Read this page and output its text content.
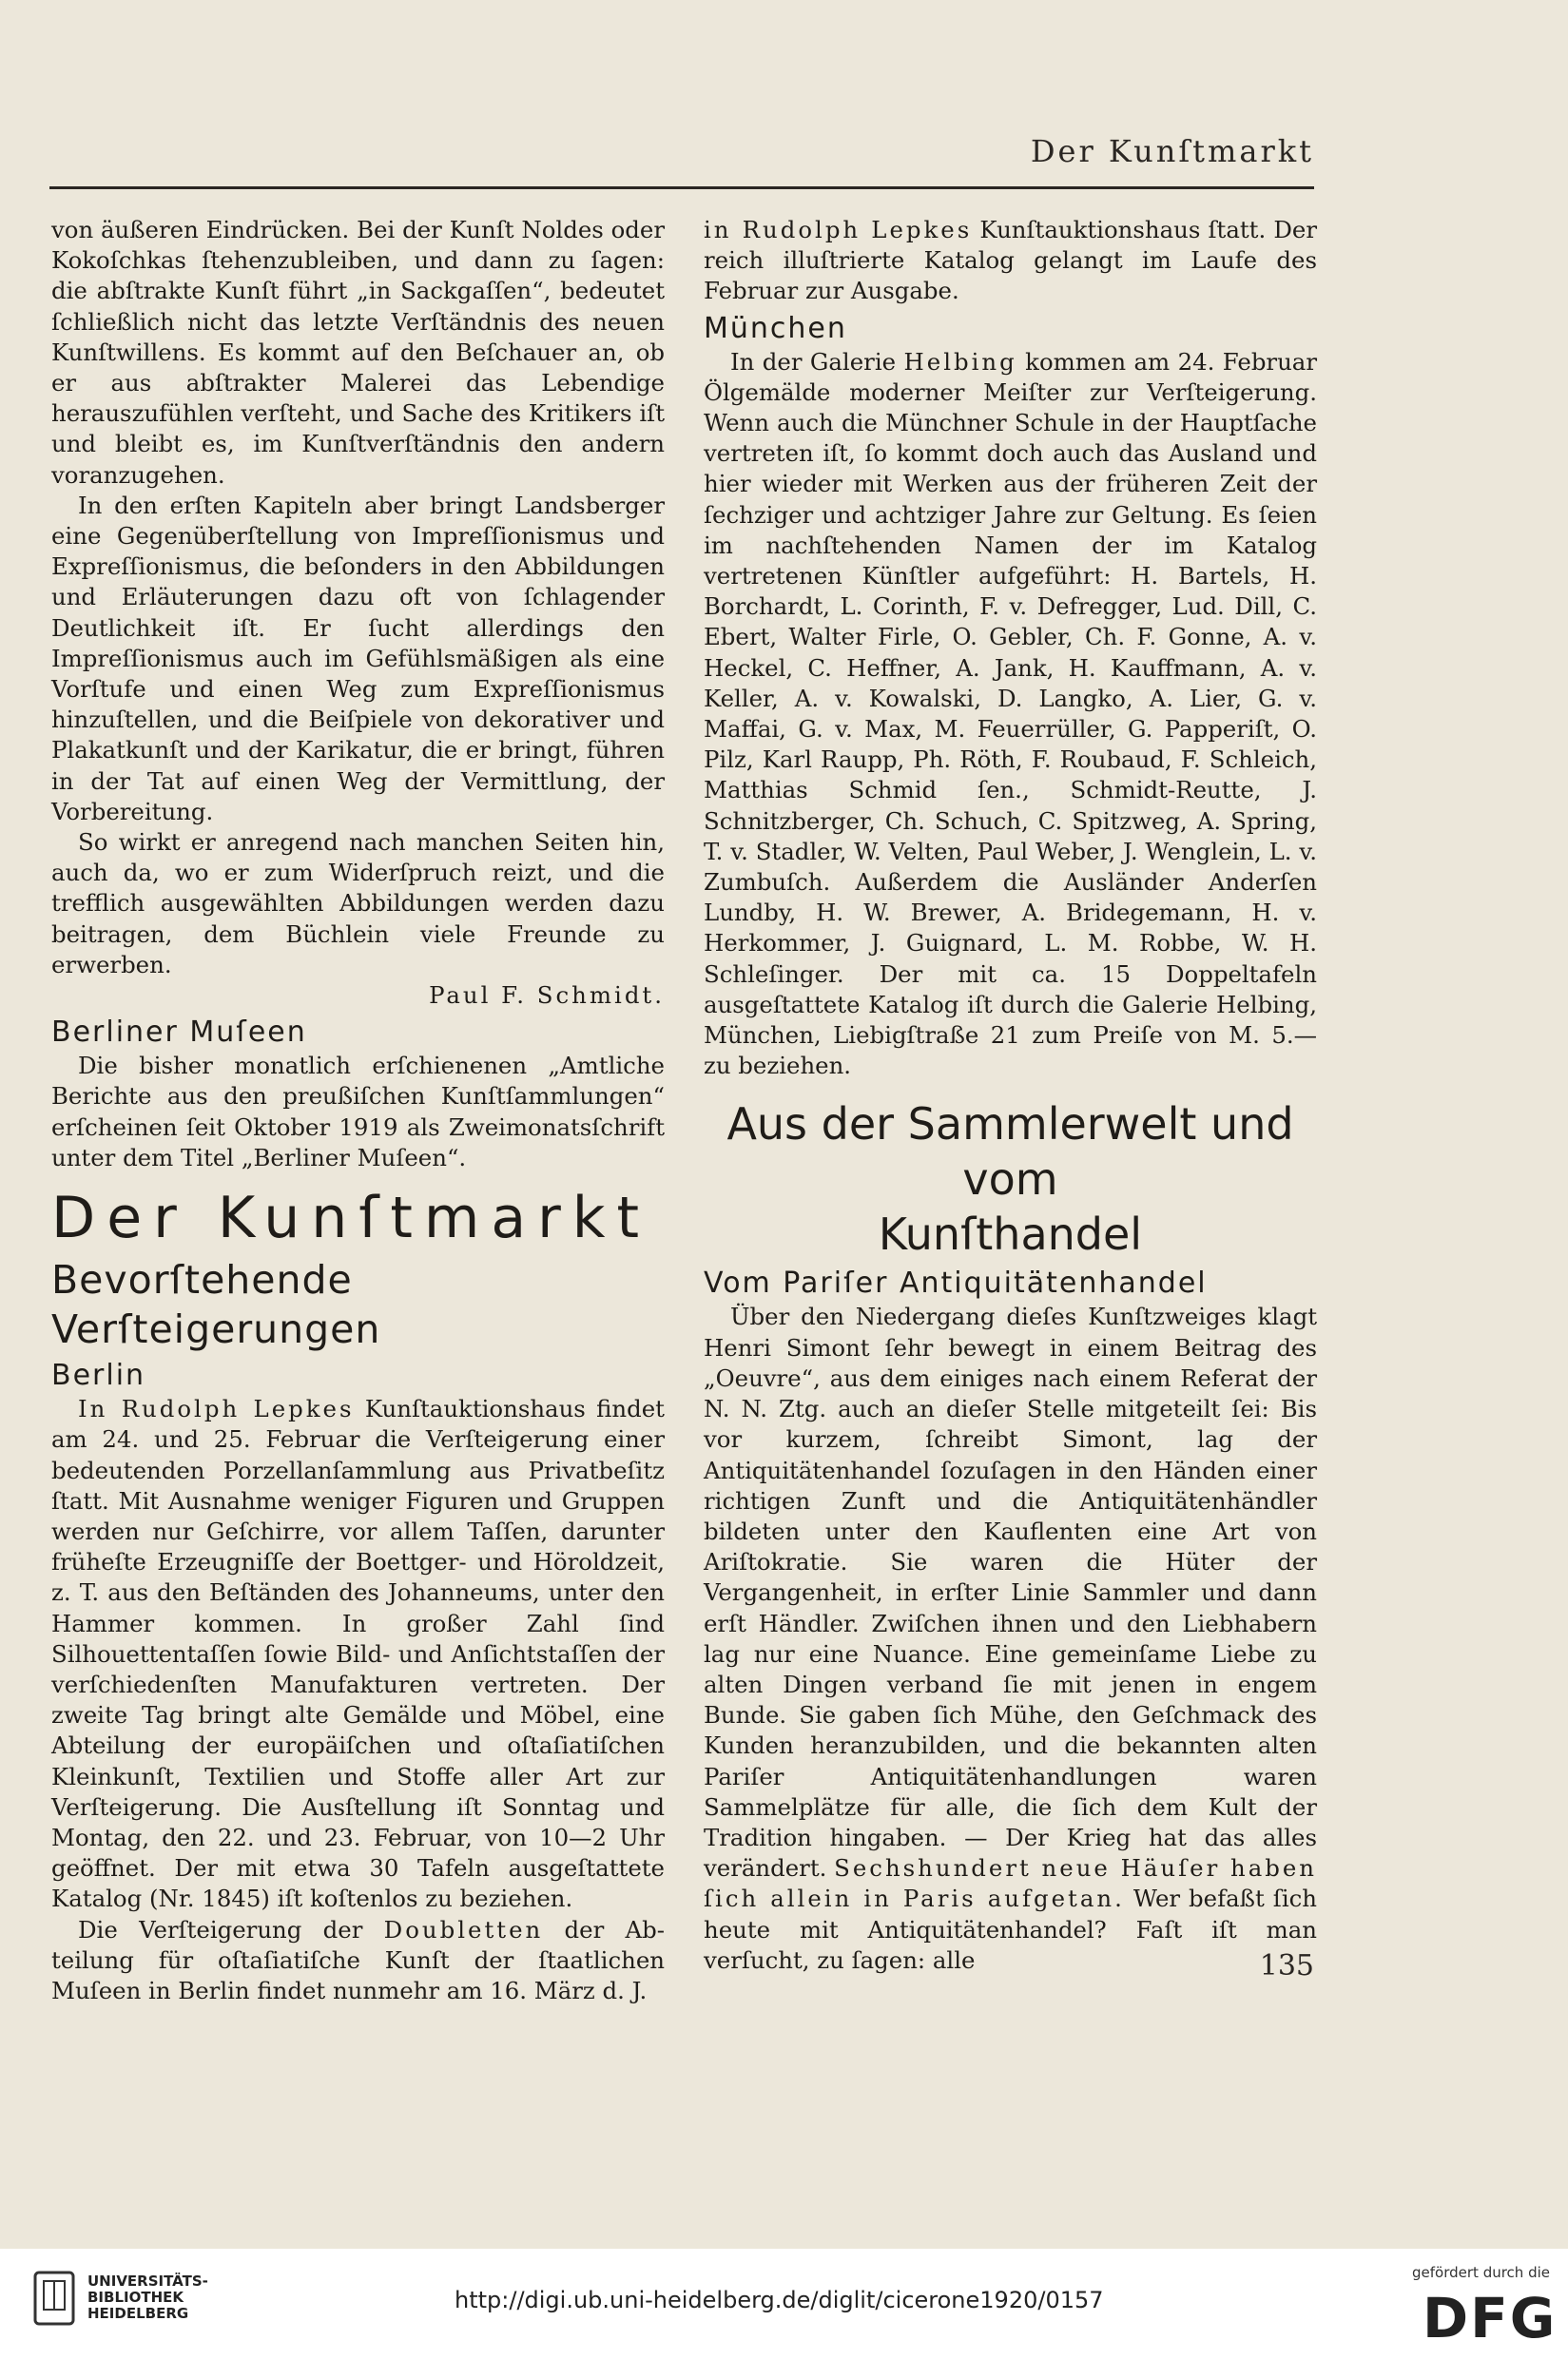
Der Kunſtmarkt

von äußeren Eindrücken. Bei der Kunſt Noldes oder Kokoſchkas ſtehenzubleiben, und dann zu ſagen: die abſtrakte Kunſt führt „in Sackgaſſen“, bedeutet ſchließlich nicht das letzte Verſtändnis des neuen Kunſtwillens. Es kommt auf den Beſchauer an, ob er aus abſtrakter Malerei das Lebendige herauszufühlen verſteht, und Sache des Kritikers iſt und bleibt es, im Kunſtverſtändnis den andern voranzugehen.

In den erſten Kapiteln aber bringt Landsberger eine Gegenüberſtellung von Impreſſionismus und Expreſſionismus, die beſonders in den Abbildungen und Erläuterungen dazu oft von ſchlagender Deutlichkeit iſt. Er ſucht allerdings den Impreſſionismus auch im Gefühlsmäßigen als eine Vorſtufe und einen Weg zum Expreſſionismus hinzuſtellen, und die Beiſpiele von dekorativer und Plakatkunſt und der Karikatur, die er bringt, führen in der Tat auf einen Weg der Vermittlung, der Vorbereitung.

So wirkt er anregend nach manchen Seiten hin, auch da, wo er zum Widerſpruch reizt, und die trefflich ausgewählten Abbildungen werden dazu beitragen, dem Büchlein viele Freunde zu erwerben.

Paul F. Schmidt.

Berliner Muſeen

Die bisher monatlich erſchienenen „Amtliche Berichte aus den preußiſchen Kunſtſammlungen“ erſcheinen ſeit Oktober 1919 als Zweimonatsſchrift unter dem Titel „Berliner Muſeen“.

Der Kunſtmarkt
Bevorſtehende Verſteigerungen
Berlin

In Rudolph Lepkes Kunſtauktionshaus findet am 24. und 25. Februar die Verſteigerung einer bedeutenden Porzellanſammlung aus Privatbeſitz ſtatt. Mit Ausnahme weniger Figuren und Gruppen werden nur Geſchirre, vor allem Taſſen, darunter früheſte Erzeugniſſe der Boettger- und Höroldzeit, z. T. aus den Beſtänden des Johanneums, unter den Hammer kommen. In großer Zahl ſind Silhouettentaſſen ſowie Bild- und Anſichtstaſſen der verſchiedenſten Manufakturen vertreten. Der zweite Tag bringt alte Gemälde und Möbel, eine Abteilung der europäiſchen und oſtaſiatiſchen Kleinkunſt, Textilien und Stoffe aller Art zur Verſteigerung. Die Ausſtellung iſt Sonntag und Montag, den 22. und 23. Februar, von 10—2 Uhr geöffnet. Der mit etwa 30 Tafeln ausgeſtattete Katalog (Nr. 1845) iſt koſtenlos zu beziehen.

Die Verſteigerung der Doubletten der Abteilung für oſtaſiatiſche Kunſt der ſtaatlichen Muſeen in Berlin findet nunmehr am 16. März d. J.

in Rudolph Lepkes Kunſtauktionshaus ſtatt. Der reich illuſtrierte Katalog gelangt im Laufe des Februar zur Ausgabe.

München

In der Galerie Helbing kommen am 24. Februar Ölgemälde moderner Meiſter zur Verſteigerung. Wenn auch die Münchner Schule in der Hauptſache vertreten iſt, ſo kommt doch auch das Ausland und hier wieder mit Werken aus der früheren Zeit der ſechziger und achtziger Jahre zur Geltung. Es ſeien im nachſtehenden Namen der im Katalog vertretenen Künſtler aufgeführt: H. Bartels, H. Borchardt, L. Corinth, F. v. Defregger, Lud. Dill, C. Ebert, Walter Firle, O. Gebler, Ch. F. Gonne, A. v. Heckel, C. Heffner, A. Jank, H. Kauffmann, A. v. Keller, A. v. Kowalski, D. Langko, A. Lier, G. v. Maffai, G. v. Max, M. Feuerrüller, G. Papperiſt, O. Pilz, Karl Raupp, Ph. Röth, F. Roubaud, F. Schleich, Matthias Schmid ſen., Schmidt-Reutte, J. Schnitzberger, Ch. Schuch, C. Spitzweg, A. Spring, T. v. Stadler, W. Velten, Paul Weber, J. Wenglein, L. v. Zumbuſch. Außerdem die Ausländer Anderſen Lundby, H. W. Brewer, A. Bridegemann, H. v. Herkommer, J. Guignard, L. M. Robbe, W. H. Schleſinger. Der mit ca. 15 Doppeltafeln ausgeſtattete Katalog iſt durch die Galerie Helbing, München, Liebigſtraße 21 zum Preiſe von M. 5.— zu beziehen.

Aus der Sammlerwelt und vom
Kunſthandel
Vom Pariſer Antiquitätenhandel

Über den Niedergang dieſes Kunſtzweiges klagt Henri Simont ſehr bewegt in einem Beitrag des „Oeuvre“, aus dem einiges nach einem Referat der N. N. Ztg. auch an dieſer Stelle mitgeteilt ſei: Bis vor kurzem, ſchreibt Simont, lag der Antiquitätenhandel ſozuſagen in den Händen einer richtigen Zunft und die Antiquitätenhändler bildeten unter den Kauflenten eine Art von Ariſtokratie. Sie waren die Hüter der Vergangenheit, in erſter Linie Sammler und dann erſt Händler. Zwiſchen ihnen und den Liebhabern lag nur eine Nuance. Eine gemeinſame Liebe zu alten Dingen verband ſie mit jenen in engem Bunde. Sie gaben ſich Mühe, den Geſchmack des Kunden heranzubilden, und die bekannten alten Pariſer Antiquitätenhandlungen waren Sammelplätze für alle, die ſich dem Kult der Tradition hingaben. — Der Krieg hat das alles verändert. Sechshundert neue Häuſer haben ſich allein in Paris aufgetan. Wer befaßt ſich heute mit Antiquitätenhandel? Faſt iſt man verſucht, zu ſagen: alle	135
UNIVERSITÄTS-
BIBLIOTHEK
HEIDELBERG	http://digi.ub.uni-heidelberg.de/diglit/cicerone1920/0157
gefördert durch die
DFG
